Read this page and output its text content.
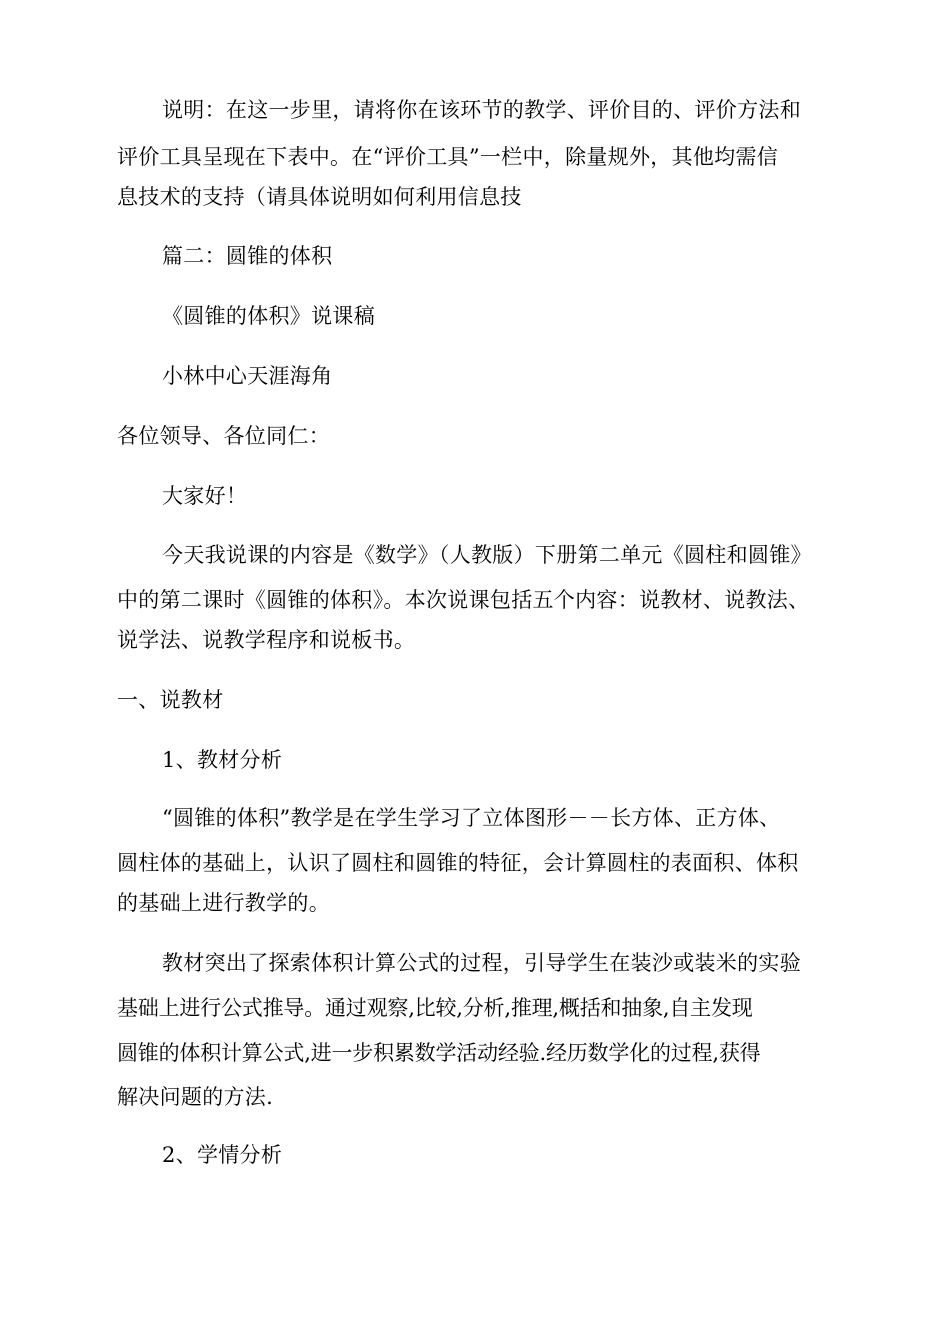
说明：在这一步里，请将你在该环节的教学、评价目的、评价方法和
评价工具呈现在下表中。在“评价工具”一栏中，除量规外，其他均需信
息技术的支持（请具体说明如何利用信息技
篇二：圆锥的体积
《圆锥的体积》说课稿
小林中心天涯海角
各位领导、各位同仁：
大家好！
今天我说课的内容是《数学》（人教版）下册第二单元《圆柱和圆锥》
中的第二课时《圆锥的体积》。本次说课包括五个内容：说教材、说教法、
说学法、说教学程序和说板书。
一、说教材
1、教材分析
“圆锥的体积”教学是在学生学习了立体图形－－长方体、正方体、
圆柱体的基础上，认识了圆柱和圆锥的特征，会计算圆柱的表面积、体积
的基础上进行教学的。
教材突出了探索体积计算公式的过程，引导学生在装沙或装米的实验
基础上进行公式推导。通过观察,比较,分析,推理,概括和抽象,自主发现
圆锥的体积计算公式,进一步积累数学活动经验.经历数学化的过程,获得
解决问题的方法.
2、学情分析
